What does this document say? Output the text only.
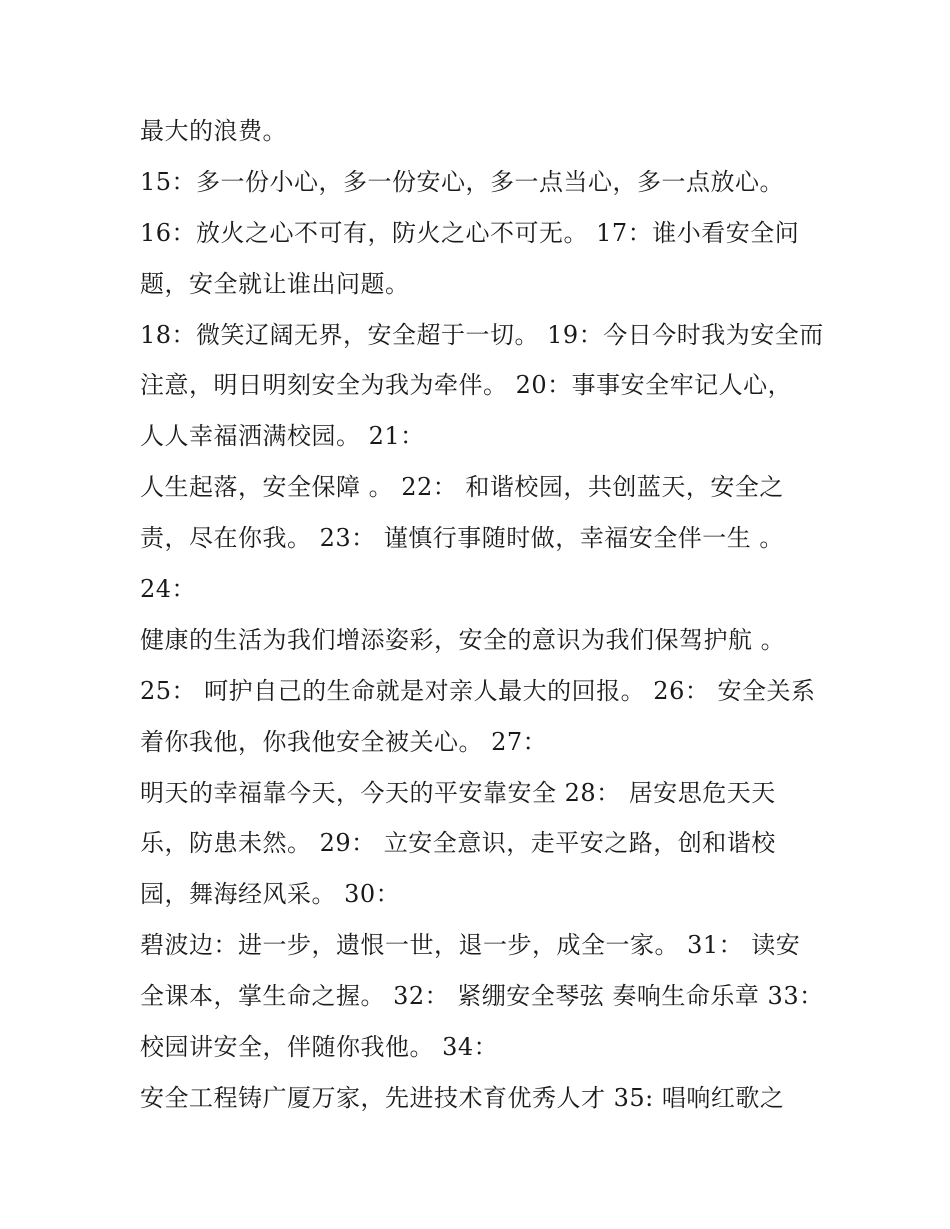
最大的浪费。
15：多一份小心，多一份安心，多一点当心，多一点放心。
16：放火之心不可有，防火之心不可无。 17：谁小看安全问
题，安全就让谁出问题。
18：微笑辽阔无界，安全超于一切。 19：今日今时我为安全而
注意，明日明刻安全为我为牵伴。 20：事事安全牢记人心，
人人幸福洒满校园。 21：
人生起落，安全保障 。 22： 和谐校园，共创蓝天，安全之
责，尽在你我。 23： 谨慎行事随时做，幸福安全伴一生 。
24：
健康的生活为我们增添姿彩，安全的意识为我们保驾护航 。
25： 呵护自己的生命就是对亲人最大的回报。 26： 安全关系
着你我他，你我他安全被关心。 27：
明天的幸福靠今天，今天的平安靠安全 28： 居安思危天天
乐，防患未然。 29： 立安全意识，走平安之路，创和谐校
园，舞海经风采。 30：
碧波边：进一步，遗恨一世，退一步，成全一家。 31： 读安
全课本，掌生命之握。 32： 紧绷安全琴弦 奏响生命乐章 33：
校园讲安全，伴随你我他。 34：
安全工程铸广厦万家，先进技术育优秀人才 35: 唱响红歌之
